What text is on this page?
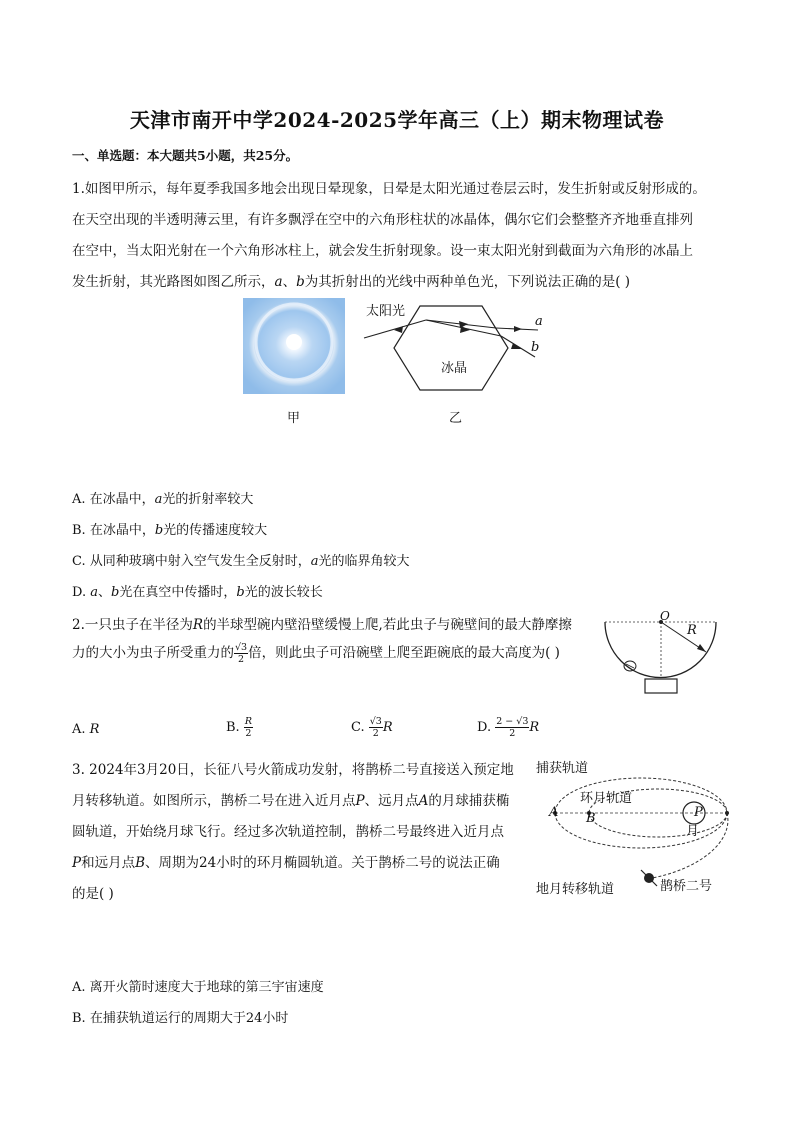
天津市南开中学2024-2025学年高三（上）期末物理试卷
一、单选题：本大题共5小题，共25分。
1.如图甲所示，每年夏季我国多地会出现日晕现象，日晕是太阳光通过卷层云时，发生折射或反射形成的。
在天空出现的半透明薄云里，有许多飘浮在空中的六角形柱状的冰晶体，偶尔它们会整整齐齐地垂直排列
在空中，当太阳光射在一个六角形冰柱上，就会发生折射现象。设一束太阳光射到截面为六角形的冰晶上
发生折射，其光路图如图乙所示，a、b为其折射出的光线中两种单色光，下列说法正确的是( )
甲
太阳光
冰晶
a
b
乙
A. 在冰晶中，a光的折射率较大
B. 在冰晶中，b光的传播速度较大
C. 从同种玻璃中射入空气发生全反射时，a光的临界角较大
D. a、b光在真空中传播时，b光的波长较长
2.一只虫子在半径为R的半球型碗内壁沿壁缓慢上爬,若此虫子与碗壁间的最大静摩擦
力的大小为虫子所受重力的 $\frac{√3}{2}$ 倍，则此虫子可沿碗壁上爬至距碗底的最大高度为( )
O
R
A. R	B. $\frac{R}{2}$	C. $\frac{√3}{2}$ R	D. $\frac{2 - √3}{2}$ R
3. 2024年3月20日，长征八号火箭成功发射，将鹊桥二号直接送入预定地
月转移轨道。如图所示，鹊桥二号在进入近月点P、远月点A的月球捕获椭
圆轨道，开始绕月球飞行。经过多次轨道控制，鹊桥二号最终进入近月点
P和远月点B、周期为24小时的环月椭圆轨道。关于鹊桥二号的说法正确
的是( )
捕获轨道
环月轨道
A B	P
月
地月转移轨道	鹊桥二号
A. 离开火箭时速度大于地球的第三宇宙速度
B. 在捕获轨道运行的周期大于24小时
